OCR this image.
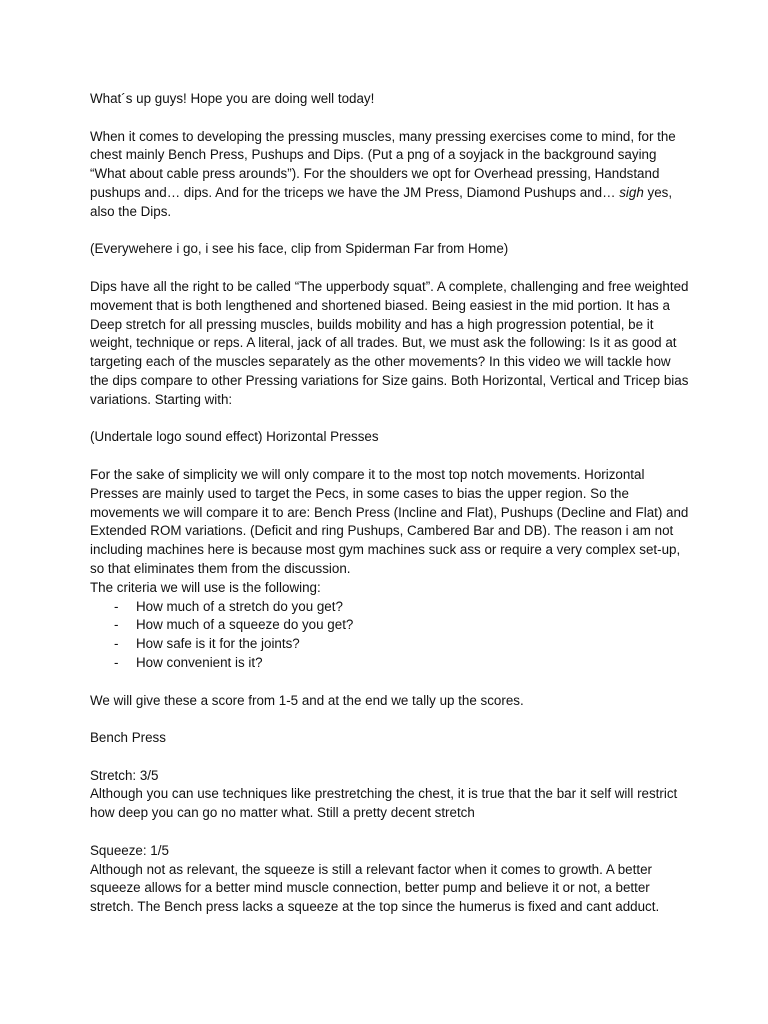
What´s up guys! Hope you are doing well today!

When it comes to developing the pressing muscles, many pressing exercises come to mind, for the chest mainly Bench Press, Pushups and Dips. (Put a png of a soyjack in the background saying “What about cable press arounds”). For the shoulders we opt for Overhead pressing, Handstand pushups and… dips. And for the triceps we have the JM Press, Diamond Pushups and… sigh yes, also the Dips.

(Everywehere i go, i see his face, clip from Spiderman Far from Home)

Dips have all the right to be called “The upperbody squat”. A complete, challenging and free weighted movement that is both lengthened and shortened biased. Being easiest in the mid portion. It has a Deep stretch for all pressing muscles, builds mobility and has a high progression potential, be it weight, technique or reps. A literal, jack of all trades. But, we must ask the following: Is it as good at targeting each of the muscles separately as the other movements? In this video we will tackle how the dips compare to other Pressing variations for Size gains. Both Horizontal, Vertical and Tricep bias variations. Starting with:

(Undertale logo sound effect) Horizontal Presses

For the sake of simplicity we will only compare it to the most top notch movements. Horizontal Presses are mainly used to target the Pecs, in some cases to bias the upper region. So the movements we will compare it to are: Bench Press (Incline and Flat), Pushups (Decline and Flat) and Extended ROM variations. (Deficit and ring Pushups, Cambered Bar and DB). The reason i am not including machines here is because most gym machines suck ass or require a very complex set-up, so that eliminates them from the discussion.

The criteria we will use is the following:

- How much of a stretch do you get?
- How much of a squeeze do you get?
- How safe is it for the joints?
- How convenient is it?

We will give these a score from 1-5 and at the end we tally up the scores.

Bench Press

Stretch: 3/5

Although you can use techniques like prestretching the chest, it is true that the bar it self will restrict how deep you can go no matter what. Still a pretty decent stretch

Squeeze: 1/5

Although not as relevant, the squeeze is still a relevant factor when it comes to growth. A better squeeze allows for a better mind muscle connection, better pump and believe it or not, a better stretch. The Bench press lacks a squeeze at the top since the humerus is fixed and cant adduct.
